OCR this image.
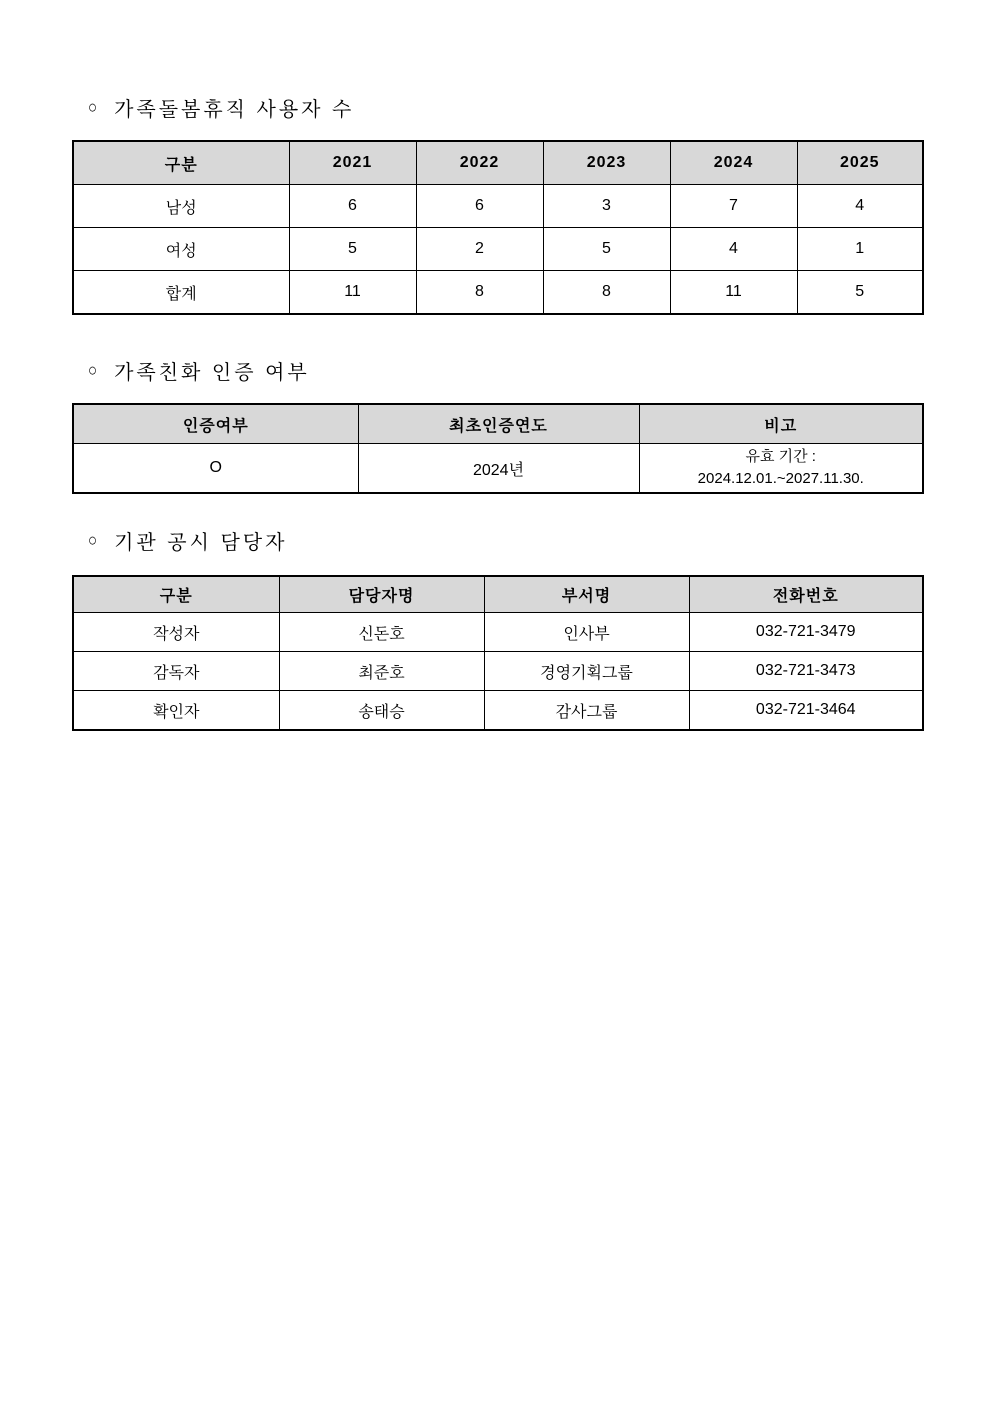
○ 가족돌봄휴직 사용자 수
구분	2021	2022	2023	2024	2025
남성	6	6	3	7	4
여성	5	2	5	4	1
합계	11	8	8	11	5
○ 가족친화 인증 여부
인증여부	최초인증연도	비고
O	2024년	유효 기간 :
2024.12.01.~2027.11.30.
○ 기관 공시 담당자
구분	담당자명	부서명	전화번호
작성자	신돈호	인사부	032-721-3479
감독자	최준호	경영기획그룹	032-721-3473
확인자	송태승	감사그룹	032-721-3464
